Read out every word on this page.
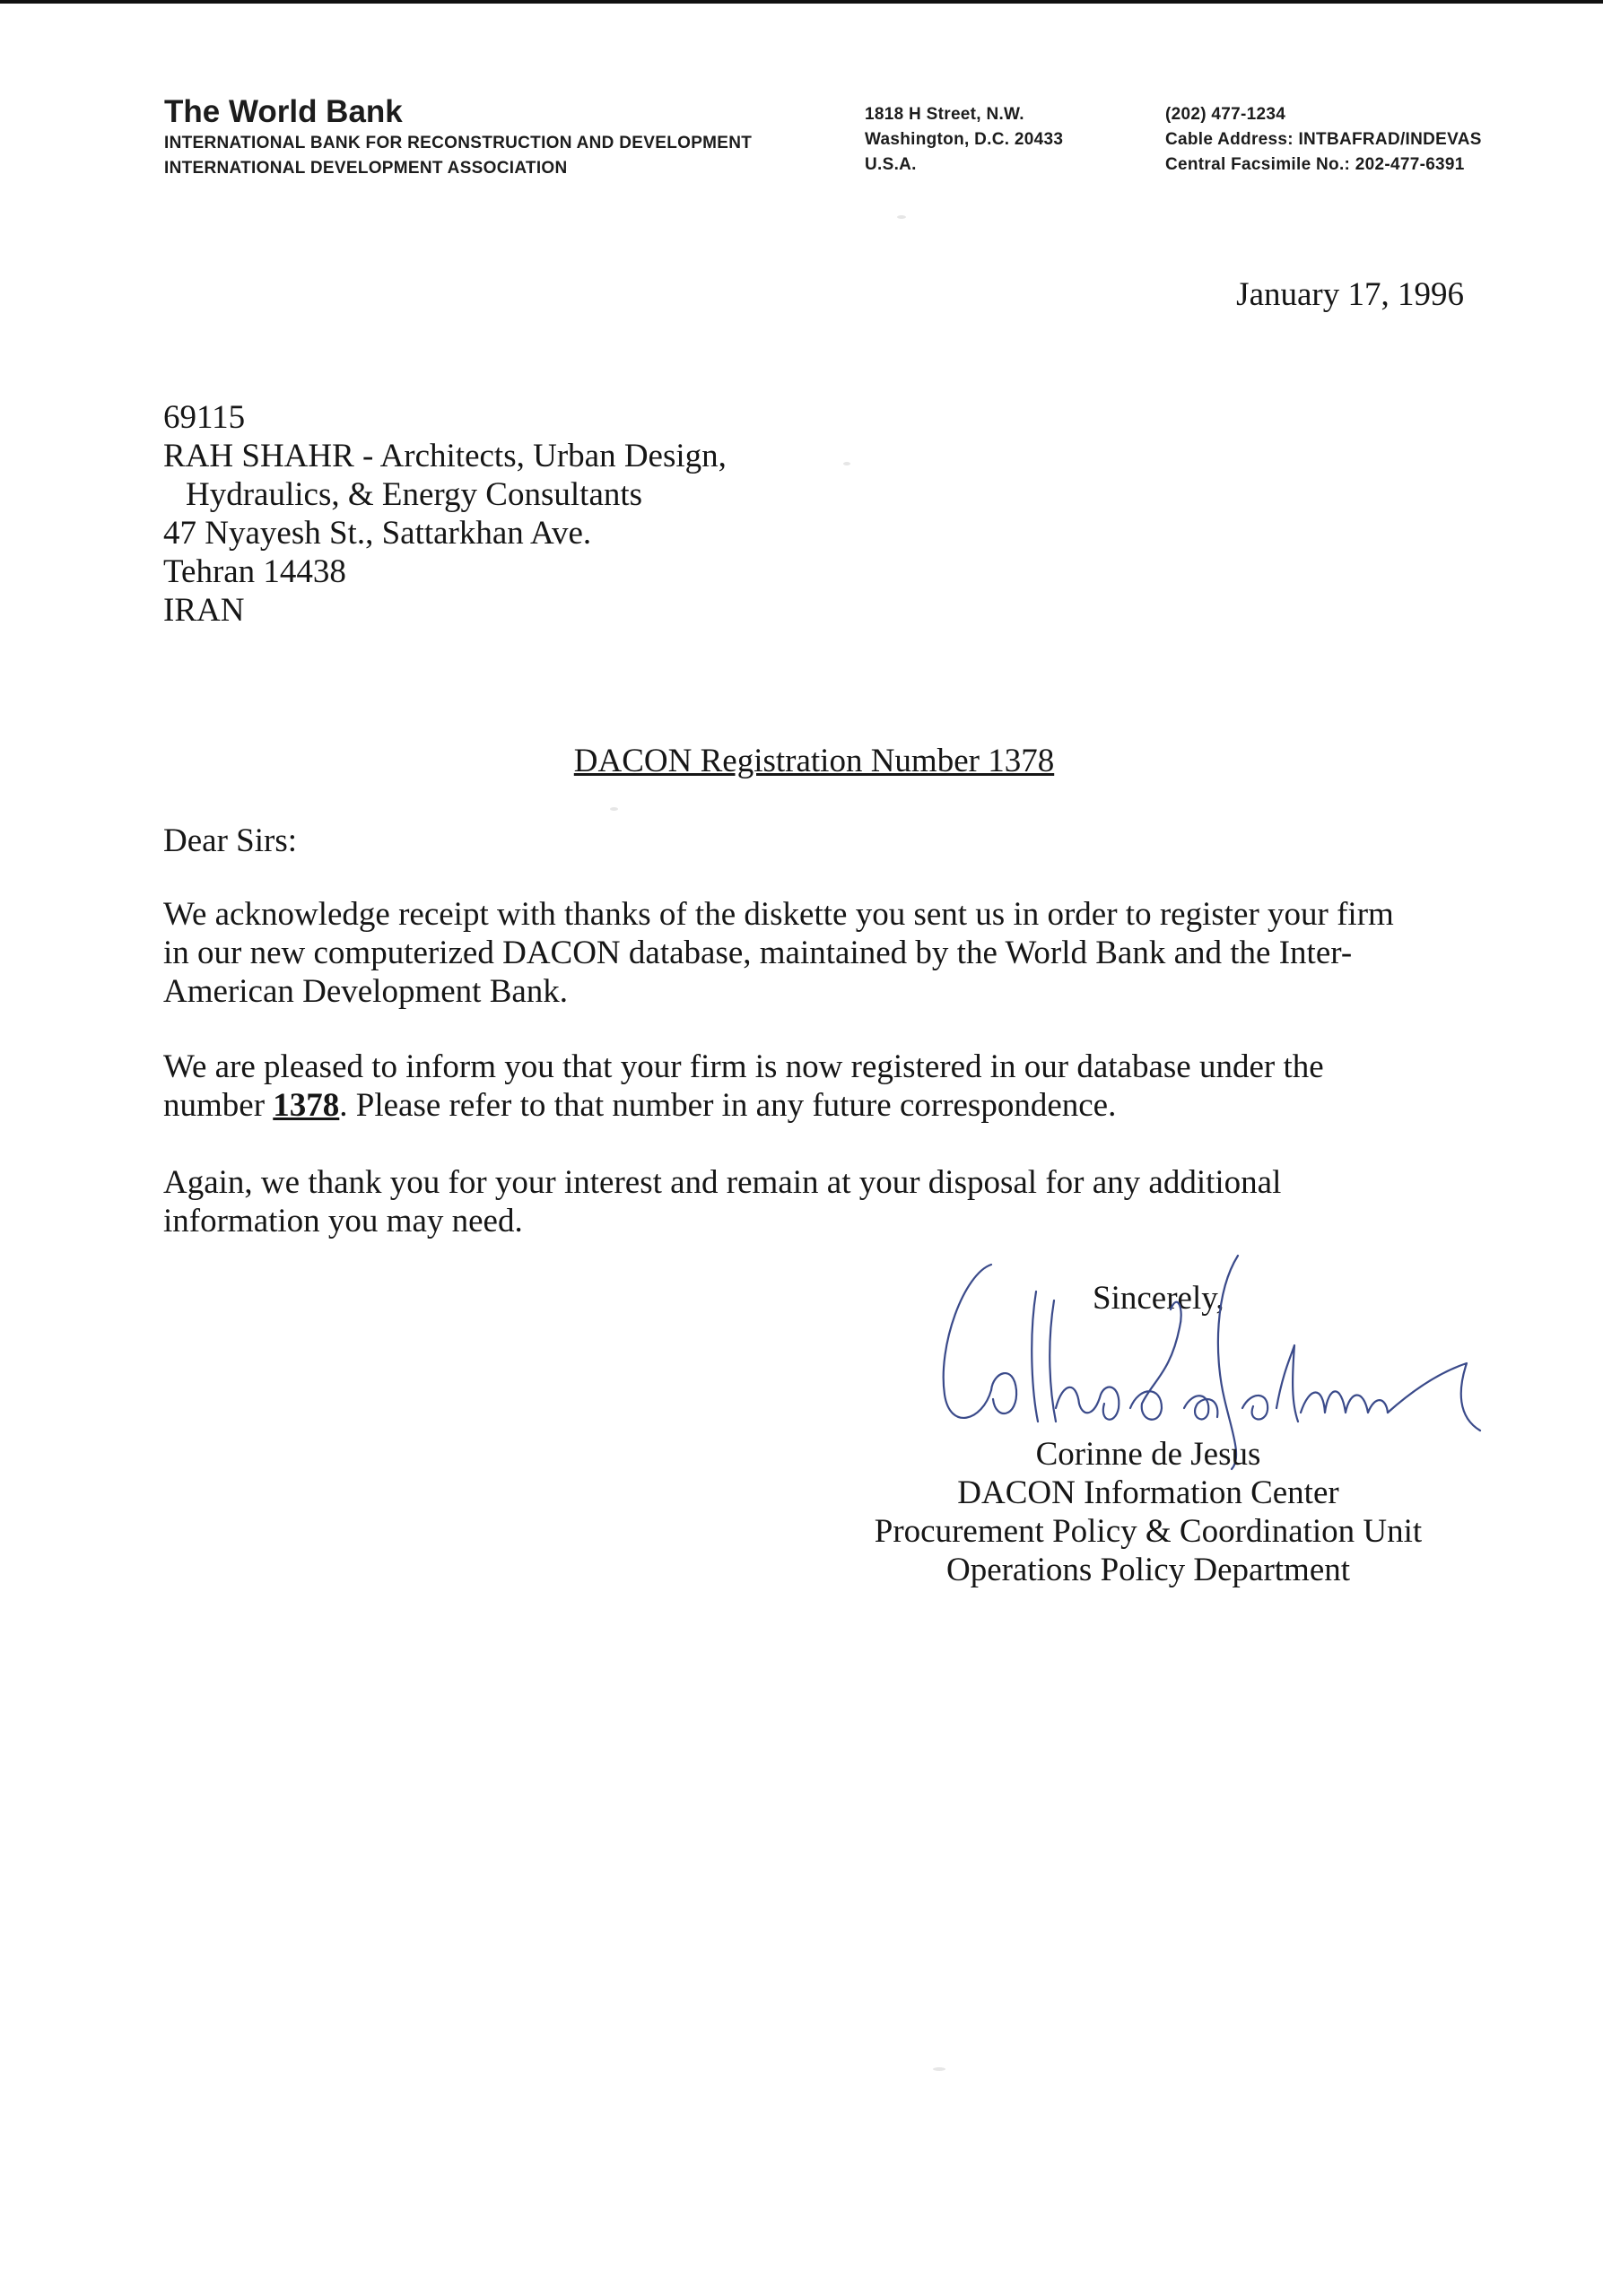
The World Bank
INTERNATIONAL BANK FOR RECONSTRUCTION AND DEVELOPMENT
INTERNATIONAL DEVELOPMENT ASSOCIATION
1818 H Street, N.W.
Washington, D.C. 20433
U.S.A.
(202) 477-1234
Cable Address: INTBAFRAD/INDEVAS
Central Facsimile No.: 202-477-6391
January 17, 1996
69115
RAH SHAHR - Architects, Urban Design,
Hydraulics, & Energy Consultants
47 Nyayesh St., Sattarkhan Ave.
Tehran 14438
IRAN
DACON Registration Number 1378
Dear Sirs:
We acknowledge receipt with thanks of the diskette you sent us in order to register your firm
in our new computerized DACON database, maintained by the World Bank and the Inter-
American Development Bank.
We are pleased to inform you that your firm is now registered in our database under the
number 1378. Please refer to that number in any future correspondence.
Again, we thank you for your interest and remain at your disposal for any additional
information you may need.
Sincerely,
Corinne de Jesus
DACON Information Center
Procurement Policy & Coordination Unit
Operations Policy Department
